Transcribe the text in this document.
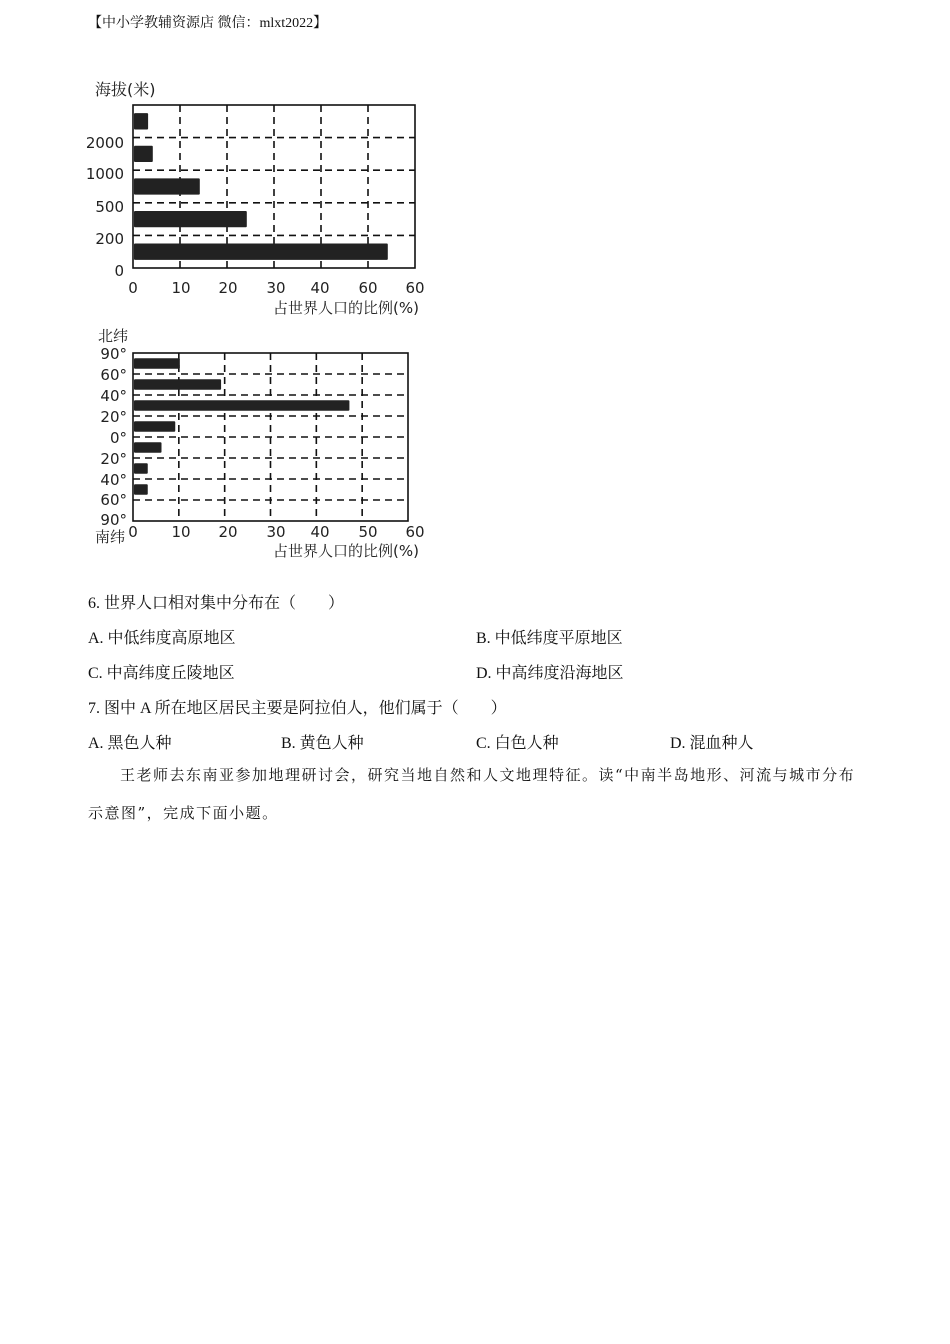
【中小学教辅资源店 微信：mlxt2022】
海拔(米)
2000
1000
500
200
0
0 10 20 30 40 60 60
占世界人口的比例(%)
北纬
90°
60°
40°
20°
0°
20°
40°
60°
90°
南纬 0 10 20 30 40 50 60
占世界人口的比例(%)
6. 世界人口相对集中分布在（　　）
A. 中低纬度高原地区	B. 中低纬度平原地区
C. 中高纬度丘陵地区	D. 中高纬度沿海地区
7. 图中 A 所在地区居民主要是阿拉伯人，他们属于（　　）
A. 黑色人种	B. 黄色人种	C. 白色人种	D. 混血种人
王老师去东南亚参加地理研讨会，研究当地自然和人文地理特征。读“中南半岛地形、河流与城市分布示意图”，完成下面小题。
